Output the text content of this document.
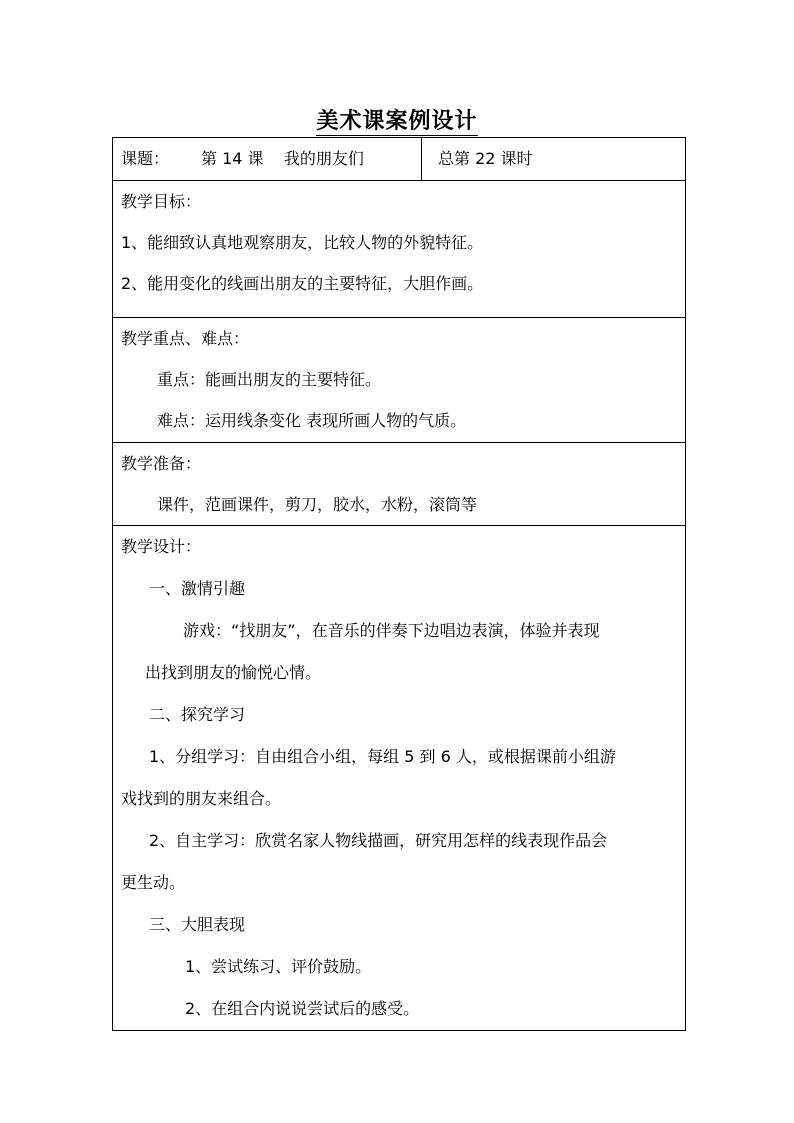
美术课案例设计
课题： 第 14 课 我的朋友们	总第 22 课时

教学目标：
1、能细致认真地观察朋友，比较人物的外貌特征。
2、能用变化的线画出朋友的主要特征，大胆作画。

教学重点、难点：
重点：能画出朋友的主要特征。
难点：运用线条变化 表现所画人物的气质。

教学准备：
课件，范画课件，剪刀，胶水，水粉，滚筒等

教学设计：
一、激情引趣
游戏：“找朋友”，在音乐的伴奏下边唱边表演，体验并表现
出找到朋友的愉悦心情。
二、探究学习
1、分组学习：自由组合小组，每组 5 到 6 人，或根据课前小组游
戏找到的朋友来组合。
2、自主学习：欣赏名家人物线描画，研究用怎样的线表现作品会
更生动。
三、大胆表现
1、尝试练习、评价鼓励。
2、在组合内说说尝试后的感受。
